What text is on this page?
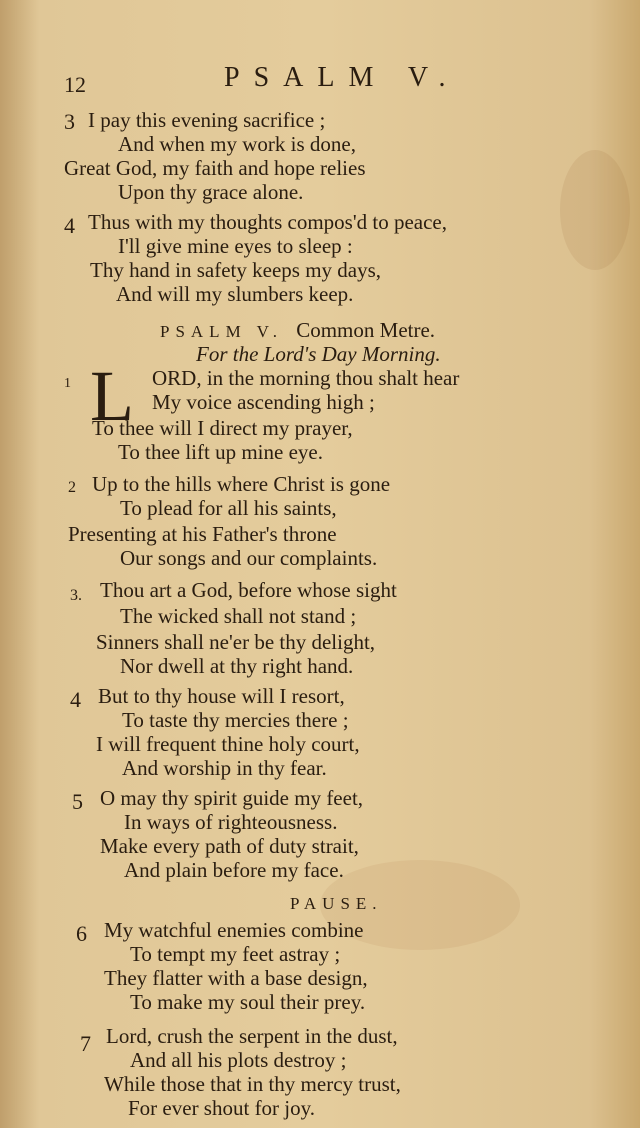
12	PSALM V.
3 I pay this evening sacrifice ;
And when my work is done,
Great God, my faith and hope relies
Upon thy grace alone.
4 Thus with my thoughts compos'd to peace,
I'll give mine eyes to sleep :
Thy hand in safety keeps my days,
And will my slumbers keep.
PSALM V. Common Metre.
For the Lord's Day Morning.
1 L ORD, in the morning thou shalt hear
My voice ascending high ;
To thee will I direct my prayer,
To thee lift up mine eye.
2 Up to the hills where Christ is gone
To plead for all his saints,
Presenting at his Father's throne
Our songs and our complaints.
3. Thou art a God, before whose sight
The wicked shall not stand ;
Sinners shall ne'er be thy delight,
Nor dwell at thy right hand.
4 But to thy house will I resort,
To taste thy mercies there ;
I will frequent thine holy court,
And worship in thy fear.
5 O may thy spirit guide my feet,
In ways of righteousness.
Make every path of duty strait,
And plain before my face.
PAUSE.
6 My watchful enemies combine
To tempt my feet astray ;
They flatter with a base design,
To make my soul their prey.
7 Lord, crush the serpent in the dust,
And all his plots destroy ;
While those that in thy mercy trust,
For ever shout for joy.
